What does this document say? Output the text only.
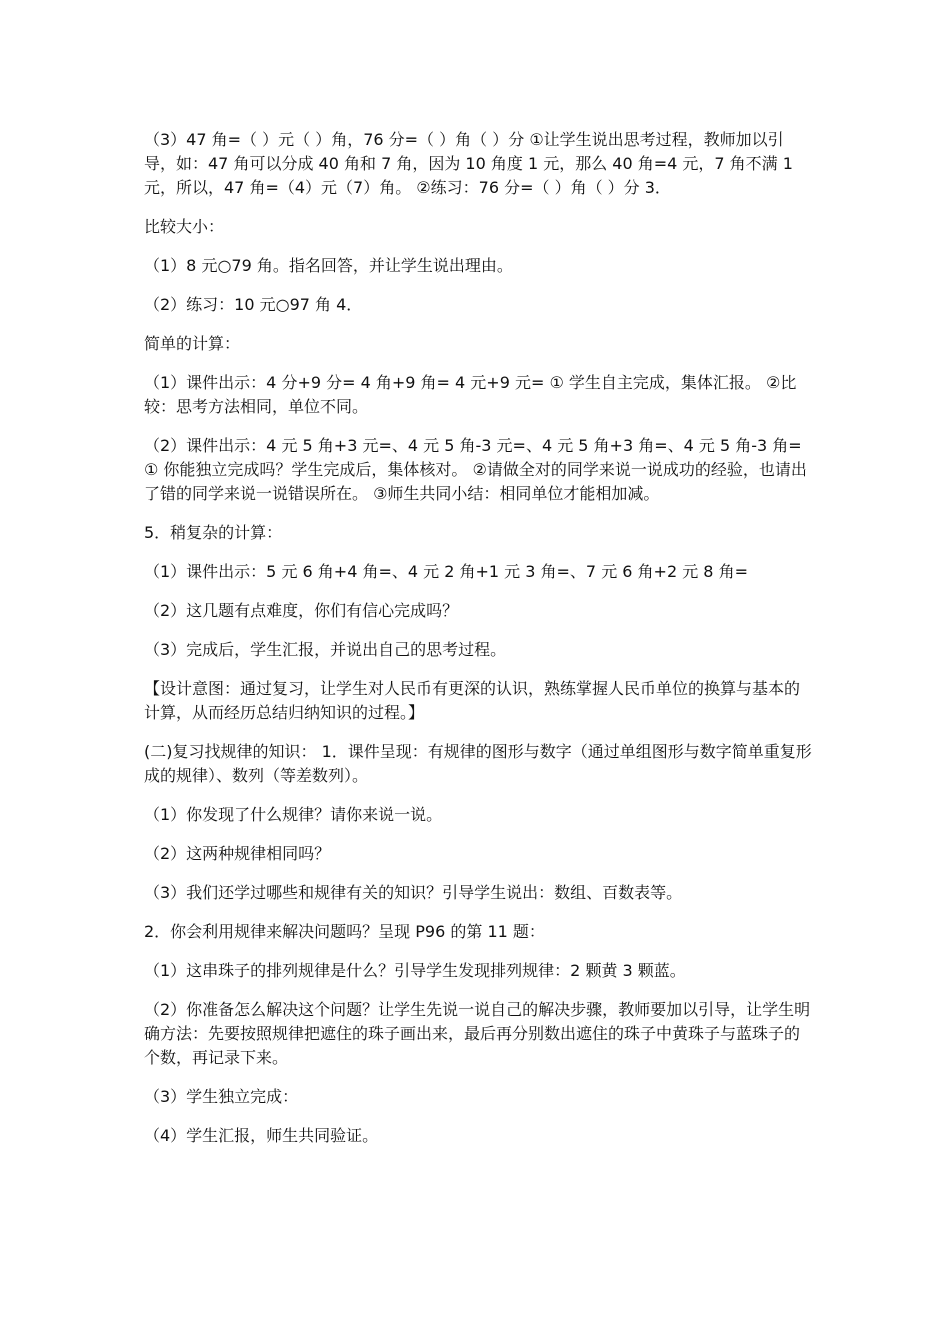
（3）47 角=（ ）元（ ）角，76 分=（ ）角（ ）分 ①让学生说出思考过程，教师加以引导，如：47 角可以分成 40 角和 7 角，因为 10 角度 1 元，那么 40 角=4 元，7 角不满 1 元，所以，47 角=（4）元（7）角。 ②练习：76 分=（ ）角（ ）分 3．

比较大小：

（1）8 元○79 角。指名回答，并让学生说出理由。

（2）练习：10 元○97 角 4．

简单的计算：

（1）课件出示：4 分+9 分= 4 角+9 角= 4 元+9 元= ① 学生自主完成，集体汇报。 ②比较：思考方法相同，单位不同。

（2）课件出示：4 元 5 角+3 元=、4 元 5 角-3 元=、4 元 5 角+3 角=、4 元 5 角-3 角= ① 你能独立完成吗？学生完成后，集体核对。 ②请做全对的同学来说一说成功的经验，也请出了错的同学来说一说错误所在。 ③师生共同小结：相同单位才能相加减。

5．稍复杂的计算：

（1）课件出示：5 元 6 角+4 角=、4 元 2 角+1 元 3 角=、7 元 6 角+2 元 8 角=

（2）这几题有点难度，你们有信心完成吗？

（3）完成后，学生汇报，并说出自己的思考过程。

【设计意图：通过复习，让学生对人民币有更深的认识，熟练掌握人民币单位的换算与基本的计算，从而经历总结归纳知识的过程。】

(二)复习找规律的知识： 1．课件呈现：有规律的图形与数字（通过单组图形与数字简单重复形成的规律）、数列（等差数列）。

（1）你发现了什么规律？请你来说一说。

（2）这两种规律相同吗？

（3）我们还学过哪些和规律有关的知识？引导学生说出：数组、百数表等。

2．你会利用规律来解决问题吗？呈现 P96 的第 11 题：

（1）这串珠子的排列规律是什么？引导学生发现排列规律：2 颗黄 3 颗蓝。

（2）你准备怎么解决这个问题？让学生先说一说自己的解决步骤，教师要加以引导，让学生明确方法：先要按照规律把遮住的珠子画出来，最后再分别数出遮住的珠子中黄珠子与蓝珠子的个数，再记录下来。

（3）学生独立完成：

（4）学生汇报，师生共同验证。
